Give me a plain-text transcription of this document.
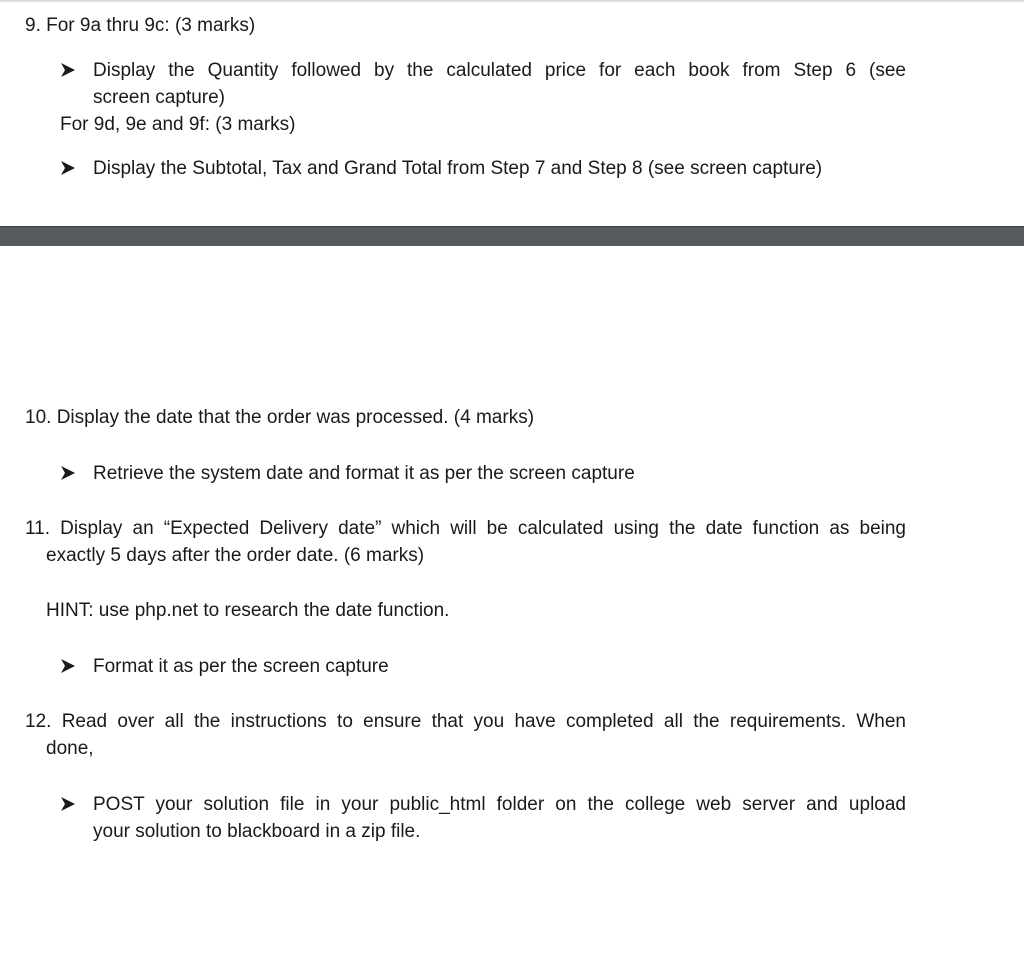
9. For 9a thru 9c: (3 marks)
Display the Quantity followed by the calculated price for each book from Step 6 (see
screen capture)
For 9d, 9e and 9f: (3 marks)
Display the Subtotal, Tax and Grand Total from Step 7 and Step 8 (see screen capture)
10. Display the date that the order was processed. (4 marks)
Retrieve the system date and format it as per the screen capture
11. Display an “Expected Delivery date” which will be calculated using the date function as being
exactly 5 days after the order date. (6 marks)
HINT: use php.net to research the date function.
Format it as per the screen capture
12. Read over all the instructions to ensure that you have completed all the requirements. When
done,
POST your solution file in your public_html folder on the college web server and upload
your solution to blackboard in a zip file.
